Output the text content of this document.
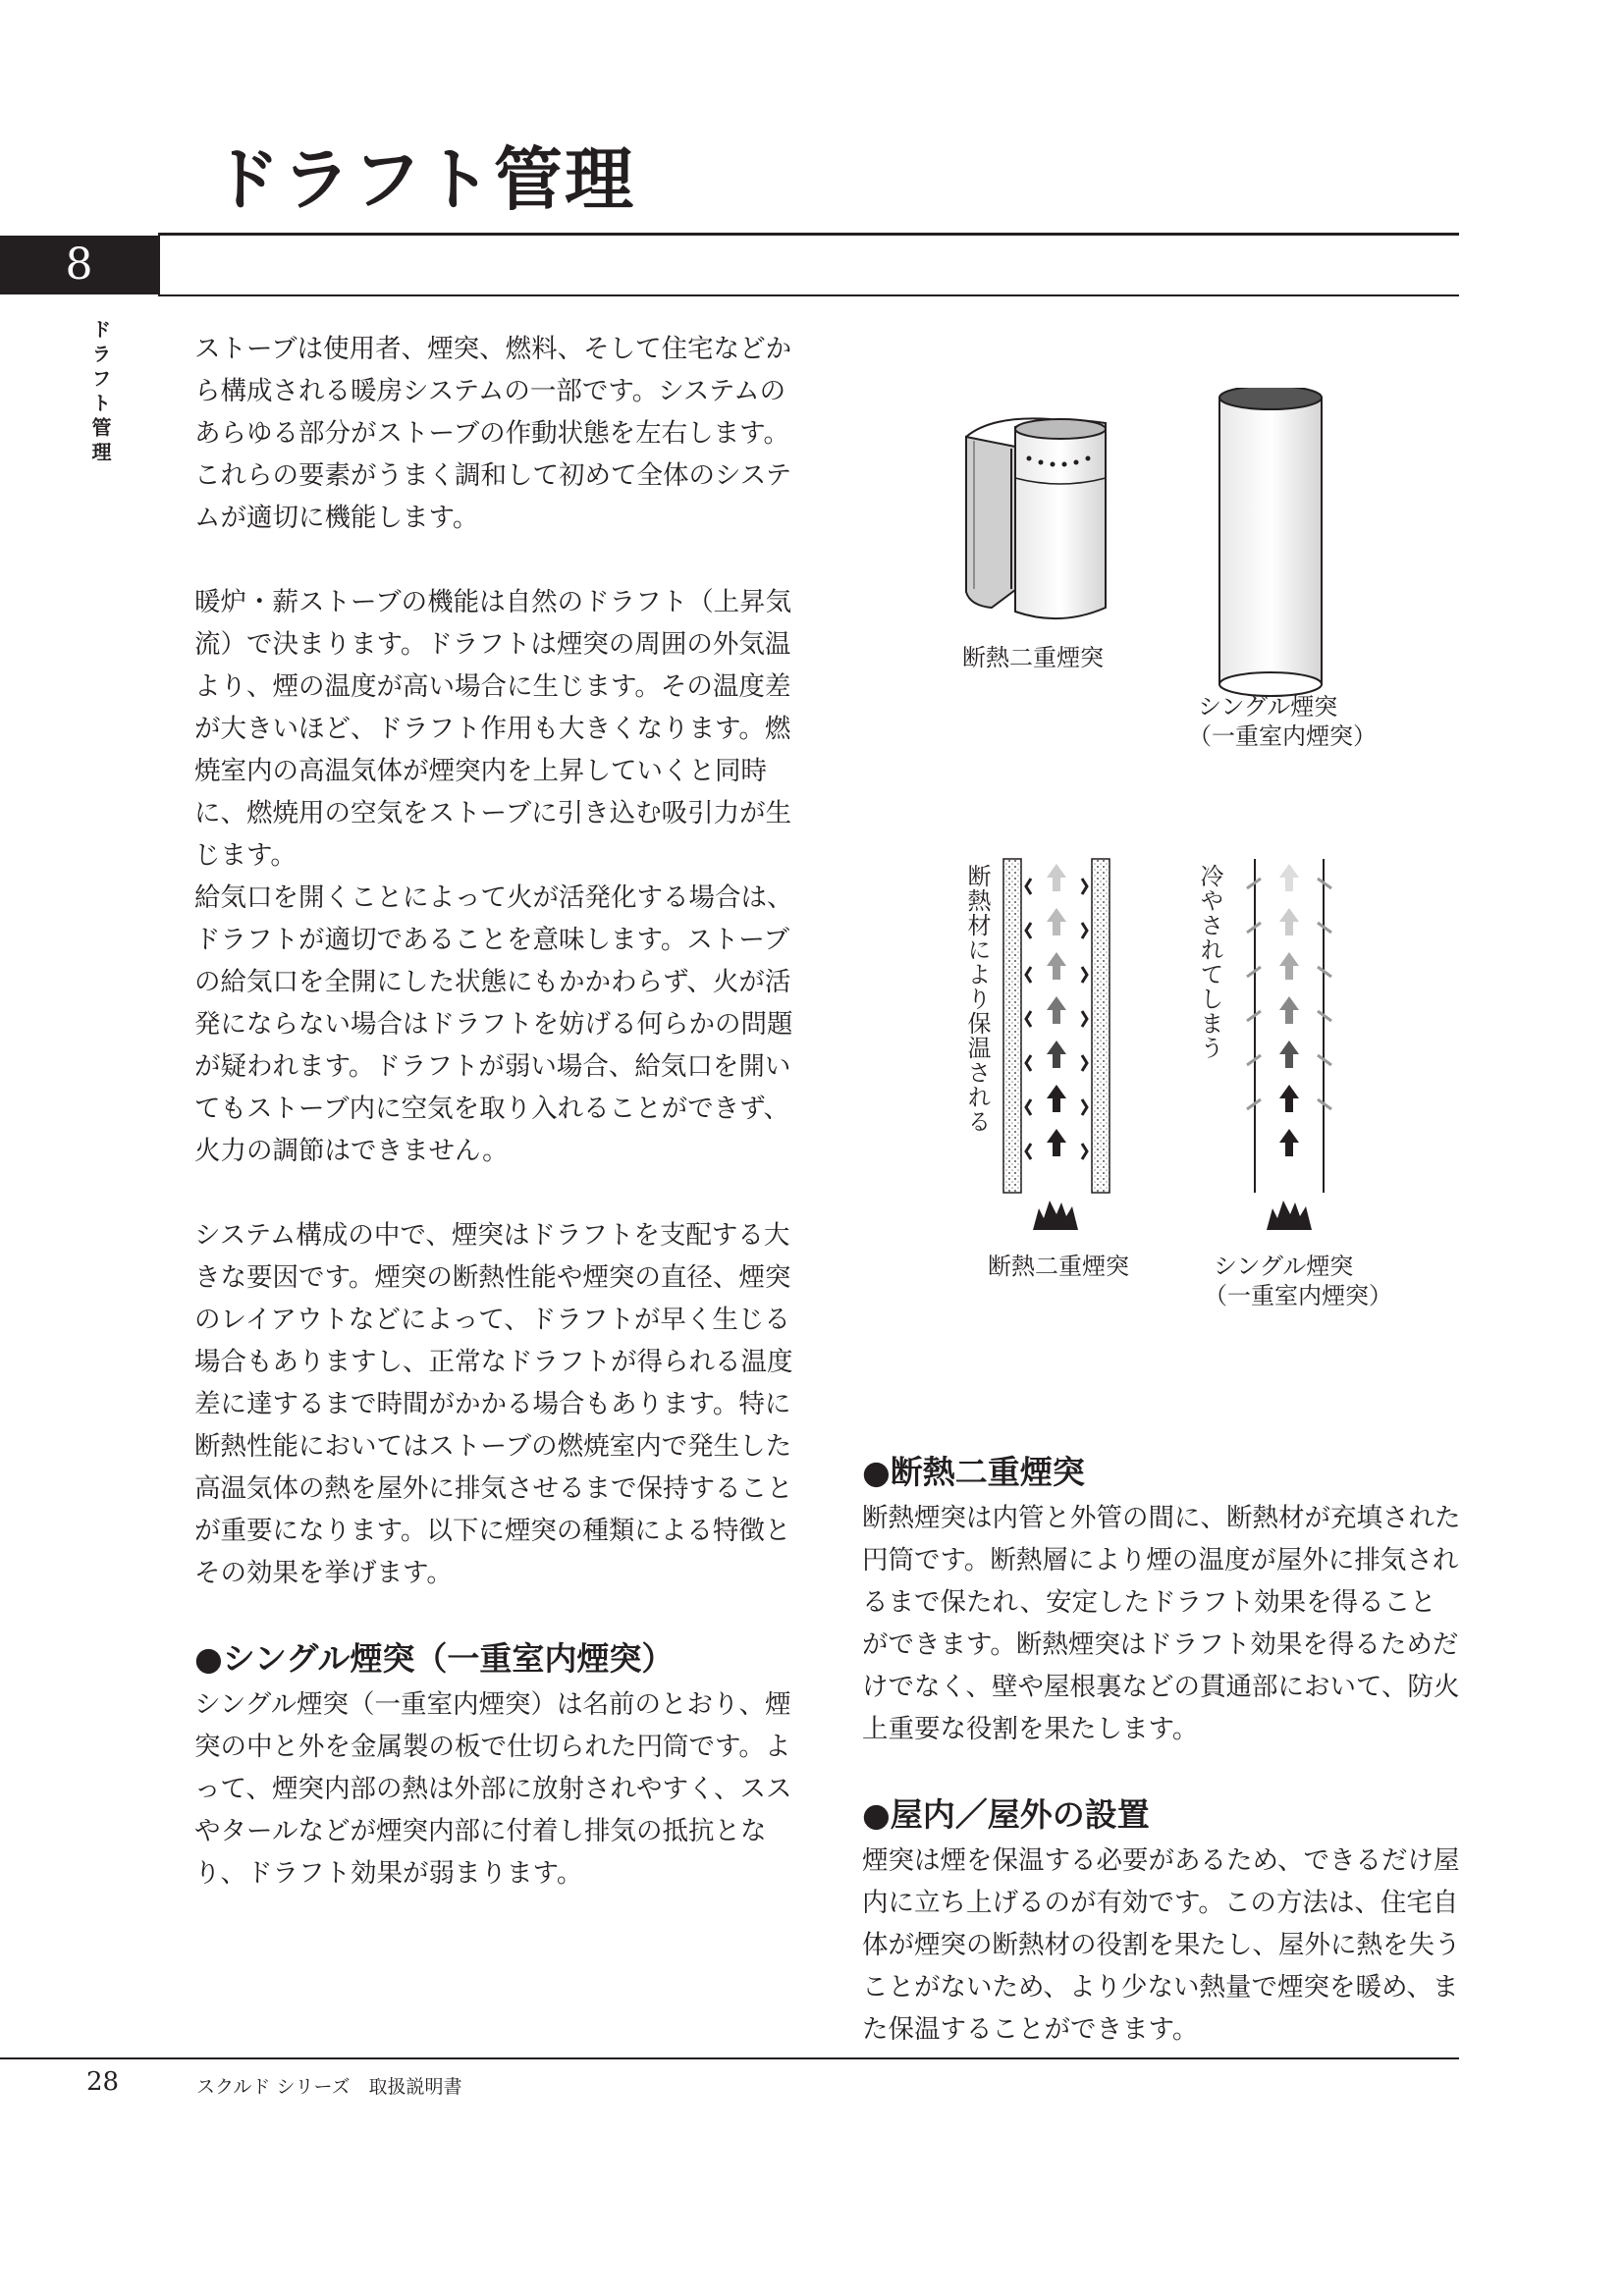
ドラフト管理
8
ドラフト管理	ストーブは使用者、煙突、燃料、そして住宅などから構成される暖房システムの一部です。システムのあらゆる部分がストーブの作動状態を左右します。これらの要素がうまく調和して初めて全体のシステムが適切に機能します。

暖炉・薪ストーブの機能は自然のドラフト（上昇気流）で決まります。ドラフトは煙突の周囲の外気温より、煙の温度が高い場合に生じます。その温度差が大きいほど、ドラフト作用も大きくなります。燃焼室内の高温気体が煙突内を上昇していくと同時に、燃焼用の空気をストーブに引き込む吸引力が生じます。

給気口を開くことによって火が活発化する場合は、ドラフトが適切であることを意味します。ストーブの給気口を全開にした状態にもかかわらず、火が活発にならない場合はドラフトを妨げる何らかの問題が疑われます。ドラフトが弱い場合、給気口を開いてもストーブ内に空気を取り入れることができず、火力の調節はできません。

システム構成の中で、煙突はドラフトを支配する大きな要因です。煙突の断熱性能や煙突の直径、煙突のレイアウトなどによって、ドラフトが早く生じる場合もありますし、正常なドラフトが得られる温度差に達するまで時間がかかる場合もあります。特に断熱性能においてはストーブの燃焼室内で発生した高温気体の熱を屋外に排気させるまで保持することが重要になります。以下に煙突の種類による特徴とその効果を挙げます。

●シングル煙突（一重室内煙突）

シングル煙突（一重室内煙突）は名前のとおり、煙突の中と外を金属製の板で仕切られた円筒です。よって、煙突内部の熱は外部に放射されやすく、ススやタールなどが煙突内部に付着し排気の抵抗となり、ドラフト効果が弱まります。

断熱二重煙突
シングル煙突
（一重室内煙突）
断熱材により保温される	冷やされてしまう
断熱二重煙突	シングル煙突
（一重室内煙突）
●断熱二重煙突

断熱煙突は内管と外管の間に、断熱材が充填された円筒です。断熱層により煙の温度が屋外に排気されるまで保たれ、安定したドラフト効果を得ることができます。断熱煙突はドラフト効果を得るためだけでなく、壁や屋根裏などの貫通部において、防火上重要な役割を果たします。

●屋内／屋外の設置

煙突は煙を保温する必要があるため、できるだけ屋内に立ち上げるのが有効です。この方法は、住宅自体が煙突の断熱材の役割を果たし、屋外に熱を失うことがないため、より少ない熱量で煙突を暖め、また保温することができます。

28	スクルド シリーズ　取扱説明書
